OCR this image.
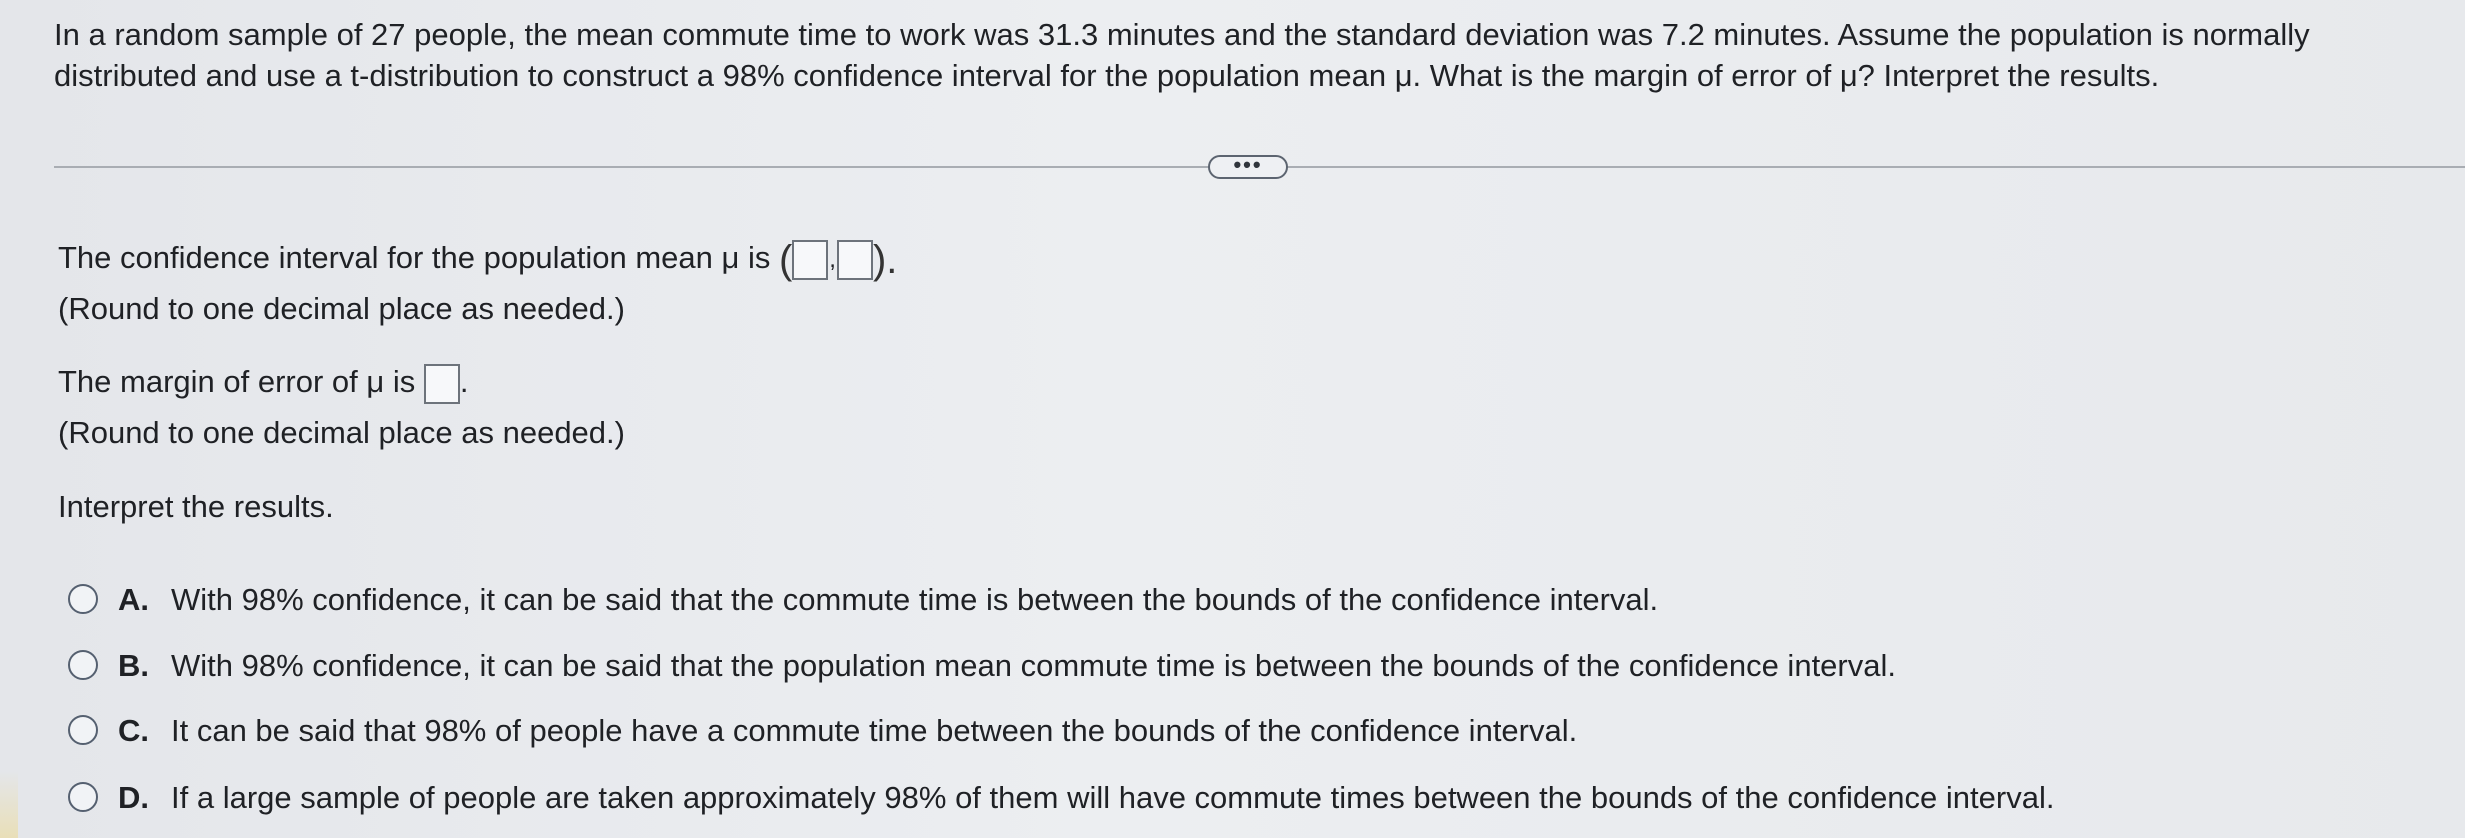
In a random sample of 27 people, the mean commute time to work was 31.3 minutes and the standard deviation was 7.2 minutes. Assume the population is normally distributed and use a t-distribution to construct a 98% confidence interval for the population mean μ. What is the margin of error of μ? Interpret the results.
•••
The confidence interval for the population mean μ is ( , ).
(Round to one decimal place as needed.)
The margin of error of μ is .
(Round to one decimal place as needed.)
Interpret the results.
A. With 98% confidence, it can be said that the commute time is between the bounds of the confidence interval.
B. With 98% confidence, it can be said that the population mean commute time is between the bounds of the confidence interval.
C. It can be said that 98% of people have a commute time between the bounds of the confidence interval.
D. If a large sample of people are taken approximately 98% of them will have commute times between the bounds of the confidence interval.
